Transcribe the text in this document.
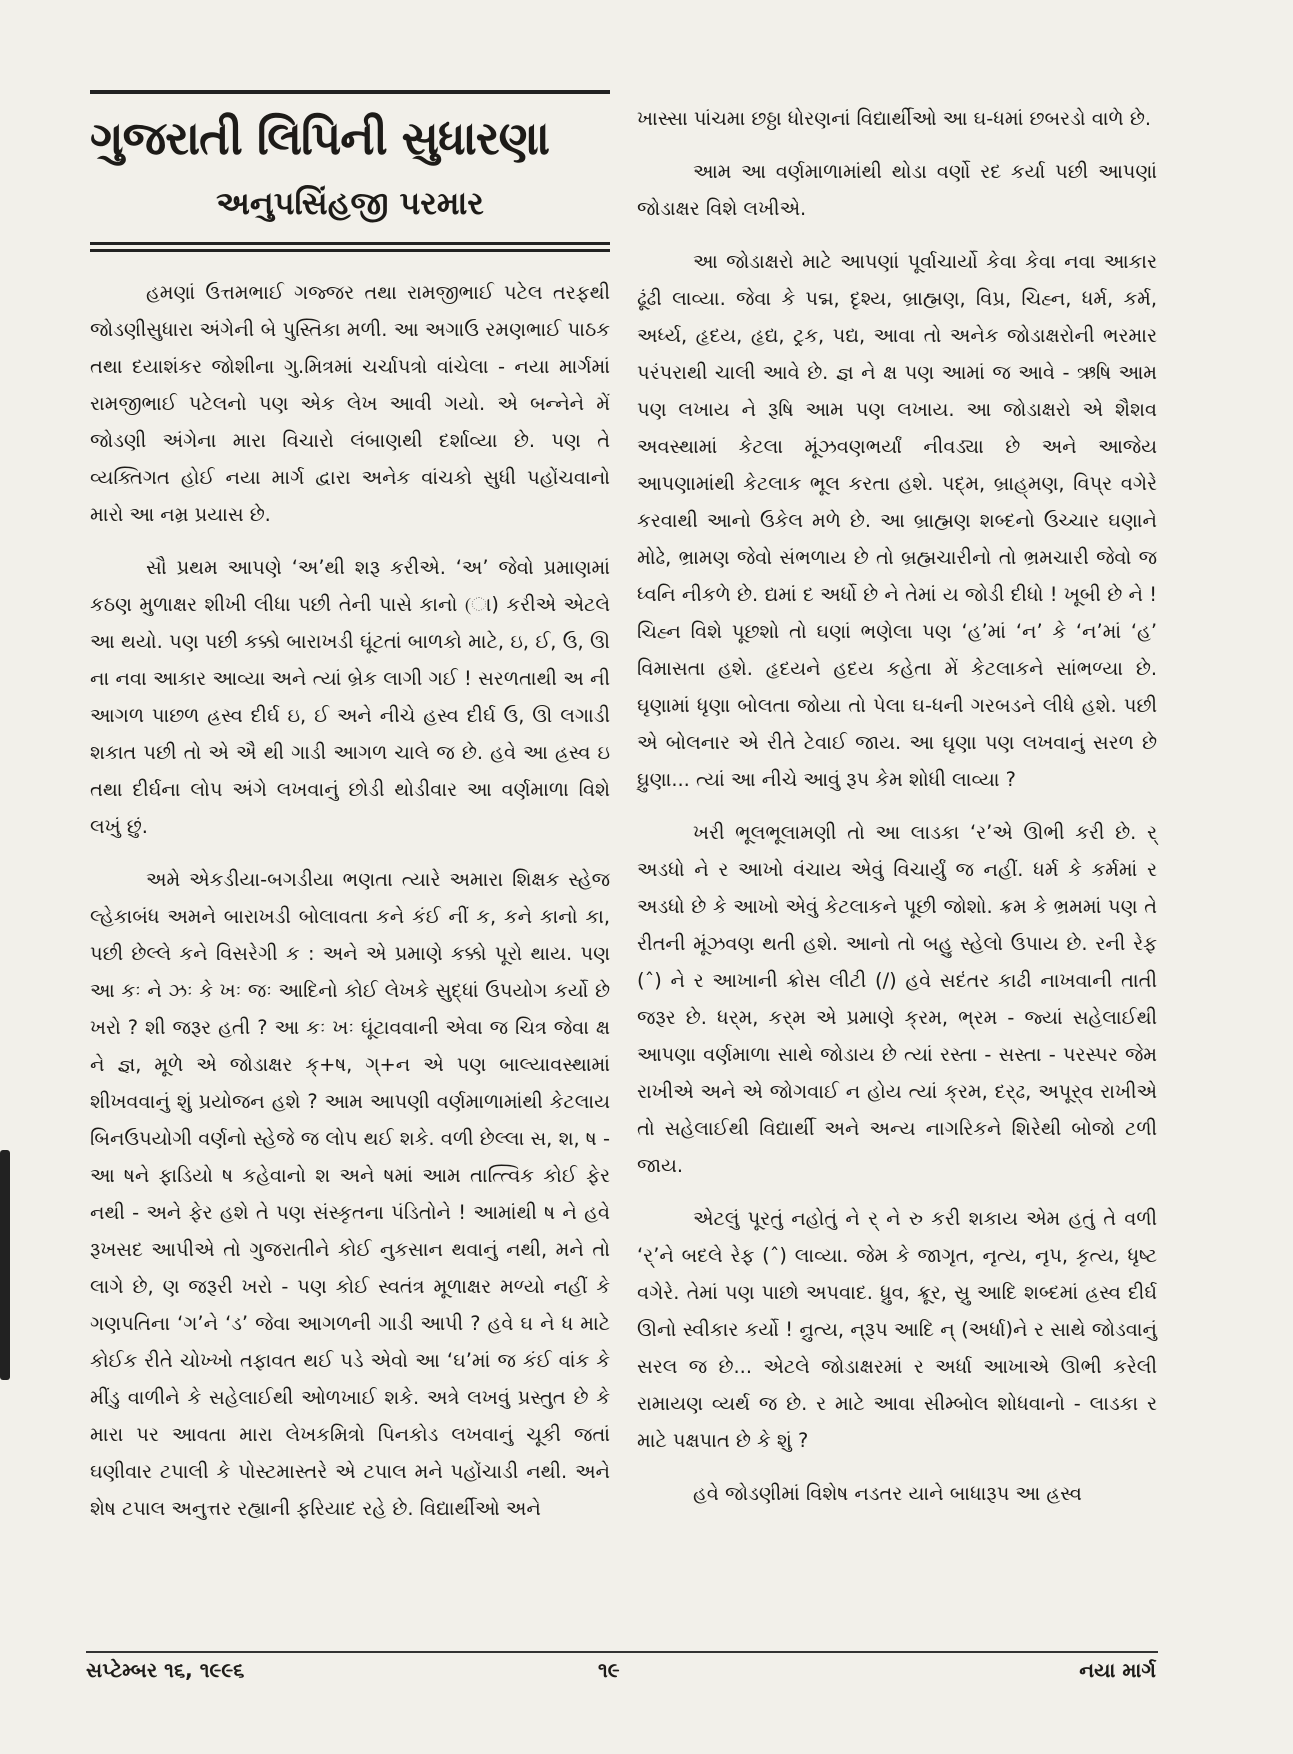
ગુજરાતી લિપિની સુધારણા
અનુપસિંહજી પરમાર

હમણાં ઉત્તમભાઈ ગજ્જર તથા રામજીભાઈ પટેલ તરફથી જોડણીસુધારા અંગેની બે પુસ્તિકા મળી. આ અગાઉ રમણભાઈ પાઠક તથા દયાશંકર જોશીના ગુ.મિત્રમાં ચર્ચાપત્રો વાંચેલા - નયા માર્ગમાં રામજીભાઈ પટેલનો પણ એક લેખ આવી ગયો. એ બન્નેને મેં જોડણી અંગેના મારા વિચારો લંબાણથી દર્શાવ્યા છે. પણ તે વ્યક્તિગત હોઈ નયા માર્ગ દ્વારા અનેક વાંચકો સુધી પહોંચવાનો મારો આ નમ્ર પ્રયાસ છે.

સૌ પ્રથમ આપણે ‘અ’થી શરૂ કરીએ. ‘અ’ જેવો પ્રમાણમાં કઠણ મુળાક્ષર શીખી લીધા પછી તેની પાસે કાનો (ા) કરીએ એટલે આ થયો. પણ પછી કક્કો બારાખડી ઘૂંટતાં બાળકો માટે, ઇ, ઈ, ઉ, ઊ ના નવા આકાર આવ્યા અને ત્યાં બ્રેક લાગી ગઈ ! સરળતાથી અ ની આગળ પાછળ હ્રસ્વ દીર્ઘ ઇ, ઈ અને નીચે હસ્વ દીર્ઘ ઉ, ઊ લગાડી શકાત પછી તો એ ઐ થી ગાડી આગળ ચાલે જ છે. હવે આ હ્રસ્વ ઇ તથા દીર્ઘના લોપ અંગે લખવાનું છોડી થોડીવાર આ વર્ણમાળા વિશે લખું છું.

અમે એકડીયા-બગડીયા ભણતા ત્યારે અમારા શિક્ષક સ્હેજ લ્હેકાબંધ અમને બારાખડી બોલાવતા કને કંઈ નીં ક, કને કાનો કા, પછી છેલ્લે કને વિસરેગી ક : અને એ પ્રમાણે કક્કો પૂરો થાય. પણ આ કઃ ને ઝઃ કે ખઃ જઃ આદિનો કોઈ લેખકે સુદ્ધાં ઉપયોગ કર્યો છે ખરો ? શી જરૂર હતી ? આ કઃ ખઃ ઘૂંટાવવાની એવા જ ચિત્ર જેવા ક્ષ ને જ્ઞ, મૂળે એ જોડાક્ષર ક્+ષ, ગ્+ન એ પણ બાલ્યાવસ્થામાં શીખવવાનું શું પ્રયોજન હશે ? આમ આપણી વર્ણમાળામાંથી કેટલાય બિનઉપયોગી વર્ણનો સ્હેજે જ લોપ થઈ શકે. વળી છેલ્લા સ, શ, ષ - આ ષને ફાડિયો ષ કહેવાનો શ અને ષમાં આમ તાત્ત્વિક કોઈ ફેર નથી - અને ફેર હશે તે પણ સંસ્કૃતના પંડિતોને ! આમાંથી ષ ને હવે રૂખસદ આપીએ તો ગુજરાતીને કોઈ નુકસાન થવાનું નથી, મને તો લાગે છે, ણ જરૂરી ખરો - પણ કોઈ સ્વતંત્ર મૂળાક્ષર મળ્યો નહીં કે ગણપતિના ‘ગ’ને ‘ડ’ જેવા આગળની ગાડી આપી ? હવે ઘ ને ધ માટે કોઈક રીતે ચોખ્ખો તફાવત થઈ પડે એવો આ ‘ઘ’માં જ કંઈ વાંક કે મીંડુ વાળીને કે સહેલાઈથી ઓળખાઈ શકે. અત્રે લખવું પ્રસ્તુત છે કે મારા પર આવતા મારા લેખકમિત્રો પિનકોડ લખવાનું ચૂકી જતાં ઘણીવાર ટપાલી કે પોસ્ટમાસ્તરે એ ટપાલ મને પહોંચાડી નથી. અને શેષ ટપાલ અનુત્તર રહ્યાની ફરિયાદ રહે છે. વિદ્યાર્થીઓ અને

ખાસ્સા પાંચમા છઠ્ઠા ધોરણનાં વિદ્યાર્થીઓ આ ઘ-ધમાં છબરડો વાળે છે.

આમ આ વર્ણમાળામાંથી થોડા વર્ણો રદ કર્યા પછી આપણાં જોડાક્ષર વિશે લખીએ.

આ જોડાક્ષરો માટે આપણાં પૂર્વાચાર્યો કેવા કેવા નવા આકાર ઢૂંઢી લાવ્યા. જેવા કે પદ્મ, દૃશ્ય, બ્રાહ્મણ, વિપ્ર, ચિહ્ન, ધર્મ, કર્મ, અર્ધ્ય, હૃદય, હૃદ્ય, ટ્રક, પદ્ય, આવા તો અનેક જોડાક્ષરોની ભરમાર પરંપરાથી ચાલી આવે છે. જ્ઞ ને ક્ષ પણ આમાં જ આવે - ઋષિ આમ પણ લખાય ને રૂષિ આમ પણ લખાય. આ જોડાક્ષરો એ શૈશવ અવસ્થામાં કેટલા મૂંઝવણભર્યાં નીવડ્યા છે અને આજેય આપણામાંથી કેટલાક ભૂલ કરતા હશે. પદ્‌મ, બ્રાહ્‌મણ, વિપ્‌ર વગેરે કરવાથી આનો ઉકેલ મળે છે. આ બ્રાહ્મણ શબ્દનો ઉચ્ચાર ઘણાને મોઢે, ભ્રામણ જેવો સંભળાય છે તો બ્રહ્મચારીનો તો ભ્રમચારી જેવો જ ધ્વનિ નીકળે છે. દ્યમાં દ અર્ધો છે ને તેમાં ય જોડી દીધો ! ખૂબી છે ને ! ચિહ્ન વિશે પૂછશો તો ઘણાં ભણેલા પણ ‘હ’માં ‘ન’ કે ‘ન’માં ‘હ’ વિમાસતા હશે. હૃદયને હદય કહેતા મેં કેટલાકને સાંભળ્યા છે. ઘૃણામાં ધૃણા બોલતા જોયા તો પેલા ઘ-ધની ગરબડને લીધે હશે. પછી એ બોલનાર એ રીતે ટેવાઈ જાય. આ ઘૃણા પણ લખવાનું સરળ છે ઘ્રુણા... ત્યાં આ નીચે આવું રૂપ કેમ શોધી લાવ્યા ?

ખરી ભૂલભૂલામણી તો આ લાડકા ‘ર’એ ઊભી કરી છે. ર્ અડધો ને ર આખો વંચાય એવું વિચાર્યું જ નહીં. ધર્મ કે કર્મમાં ર અડધો છે કે આખો એવું કેટલાકને પૂછી જોશો. ક્રમ કે ભ્રમમાં પણ તે રીતની મૂંઝવણ થતી હશે. આનો તો બહુ સ્હેલો ઉપાય છે. રની રેફ (ˆ) ને ર આખાની ક્રોસ લીટી (/) હવે સદંતર કાઢી નાખવાની તાતી જરૂર છે. ધર્‌મ, કર્‌મ એ પ્રમાણે ક્‌રમ, ભ્‌રમ - જ્યાં સહેલાઈથી આપણા વર્ણમાળા સાથે જોડાય છે ત્યાં રસ્તા - સસ્તા - પરસ્પર જેમ રાખીએ અને એ જોગવાઈ ન હોય ત્યાં ક્‌રમ, દર્‌ઢ, અપૂર્‌વ રાખીએ તો સહેલાઈથી વિદ્યાર્થી અને અન્ય નાગરિકને શિરેથી બોજો ટળી જાય.

એટલું પૂરતું નહોતું ને ર્ ને રુ કરી શકાય એમ હતું તે વળી ‘ર્’ને બદલે રેફ (ˆ) લાવ્યા. જેમ કે જાગૃત, નૃત્ય, નૃપ, કૃત્ય, ધૃષ્ટ વગેરે. તેમાં પણ પાછો અપવાદ. ધ્રુવ, ક્રૂર, સ્રુ આદિ શબ્દમાં હ્રસ્વ દીર્ઘ ઊનો સ્વીકાર કર્યો ! ન્રુત્ય, ન્‌રૂપ આદિ ન્ (અર્ધા)ને ર સાથે જોડવાનું સરલ જ છે... એટલે જોડાક્ષરમાં ર અર્ધા આખાએ ઊભી કરેલી રામાયણ વ્યર્થ જ છે. ર માટે આવા સીમ્બોલ શોધવાનો - લાડકા ર માટે પક્ષપાત છે કે શું ?

હવે જોડણીમાં વિશેષ નડતર યાને બાધારૂપ આ હ્રસ્વ

સપ્ટેમ્બર ૧૬, ૧૯૯૬	૧૯	નયા માર્ગ
